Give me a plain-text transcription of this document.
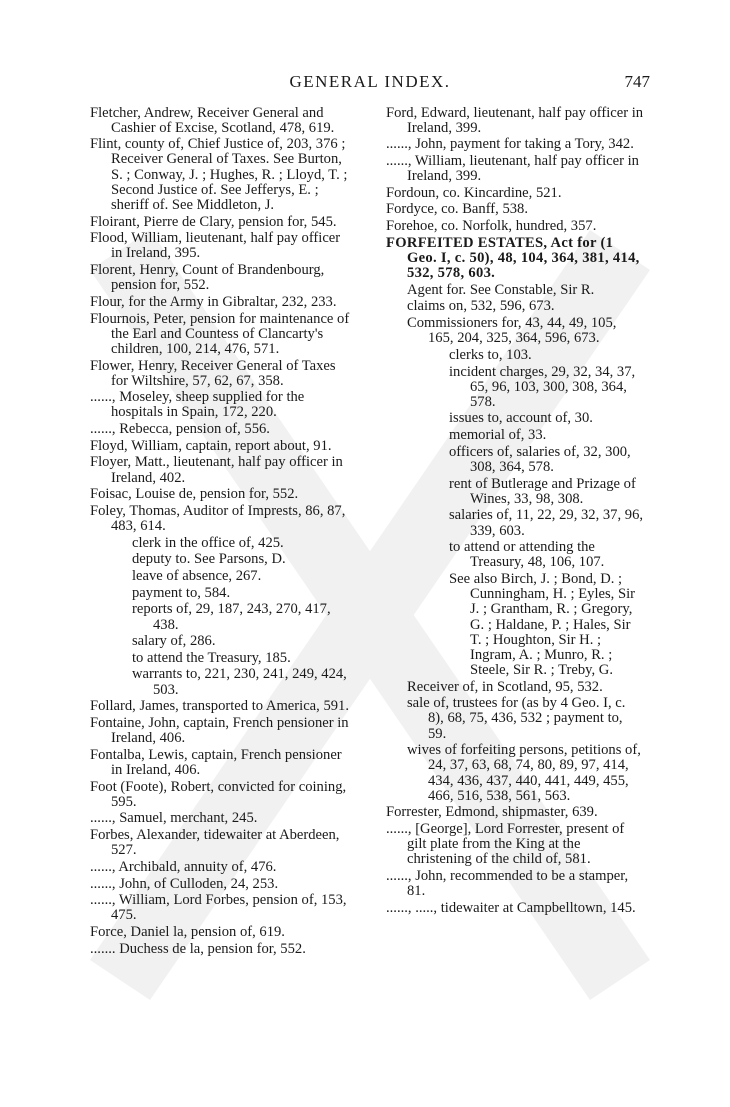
GENERAL INDEX.	747
Fletcher, Andrew, Receiver General and Cashier of Excise, Scotland, 478, 619.
Flint, county of, Chief Justice of, 203, 376 ; Receiver General of Taxes. See Burton, S. ; Conway, J. ; Hughes, R. ; Lloyd, T. ; Second Justice of. See Jefferys, E. ; sheriff of. See Middleton, J.
Floirant, Pierre de Clary, pension for, 545.
Flood, William, lieutenant, half pay officer in Ireland, 395.
Florent, Henry, Count of Brandenbourg, pension for, 552.
Flour, for the Army in Gibraltar, 232, 233.
Flournois, Peter, pension for maintenance of the Earl and Countess of Clancarty's children, 100, 214, 476, 571.
Flower, Henry, Receiver General of Taxes for Wiltshire, 57, 62, 67, 358.
......, Moseley, sheep supplied for the hospitals in Spain, 172, 220.
......, Rebecca, pension of, 556.
Floyd, William, captain, report about, 91.
Floyer, Matt., lieutenant, half pay officer in Ireland, 402.
Foisac, Louise de, pension for, 552.
Foley, Thomas, Auditor of Imprests, 86, 87, 483, 614.
clerk in the office of, 425.
deputy to. See Parsons, D.
leave of absence, 267.
payment to, 584.
reports of, 29, 187, 243, 270, 417, 438.
salary of, 286.
to attend the Treasury, 185.
warrants to, 221, 230, 241, 249, 424, 503.
Follard, James, transported to America, 591.
Fontaine, John, captain, French pensioner in Ireland, 406.
Fontalba, Lewis, captain, French pensioner in Ireland, 406.
Foot (Foote), Robert, convicted for coining, 595.
......, Samuel, merchant, 245.
Forbes, Alexander, tidewaiter at Aberdeen, 527.
......, Archibald, annuity of, 476.
......, John, of Culloden, 24, 253.
......, William, Lord Forbes, pension of, 153, 475.
Force, Daniel la, pension of, 619.
....... Duchess de la, pension for, 552.
Ford, Edward, lieutenant, half pay officer in Ireland, 399.
......, John, payment for taking a Tory, 342.
......, William, lieutenant, half pay officer in Ireland, 399.
Fordoun, co. Kincardine, 521.
Fordyce, co. Banff, 538.
Forehoe, co. Norfolk, hundred, 357.
FORFEITED ESTATES, Act for (1 Geo. I, c. 50), 48, 104, 364, 381, 414, 532, 578, 603.
Agent for. See Constable, Sir R.
claims on, 532, 596, 673.
Commissioners for, 43, 44, 49, 105, 165, 204, 325, 364, 596, 673.
clerks to, 103.
incident charges, 29, 32, 34, 37, 65, 96, 103, 300, 308, 364, 578.
issues to, account of, 30.
memorial of, 33.
officers of, salaries of, 32, 300, 308, 364, 578.
rent of Butlerage and Prizage of Wines, 33, 98, 308.
salaries of, 11, 22, 29, 32, 37, 96, 339, 603.
to attend or attending the Treasury, 48, 106, 107.
See also Birch, J. ; Bond, D. ; Cunningham, H. ; Eyles, Sir J. ; Grantham, R. ; Gregory, G. ; Haldane, P. ; Hales, Sir T. ; Houghton, Sir H. ; Ingram, A. ; Munro, R. ; Steele, Sir R. ; Treby, G.
Receiver of, in Scotland, 95, 532.
sale of, trustees for (as by 4 Geo. I, c. 8), 68, 75, 436, 532 ; payment to, 59.
wives of forfeiting persons, petitions of, 24, 37, 63, 68, 74, 80, 89, 97, 414, 434, 436, 437, 440, 441, 449, 455, 466, 516, 538, 561, 563.
Forrester, Edmond, shipmaster, 639.
......, [George], Lord Forrester, present of gilt plate from the King at the christening of the child of, 581.
......, John, recommended to be a stamper, 81.
......, ....., tidewaiter at Campbelltown, 145.
